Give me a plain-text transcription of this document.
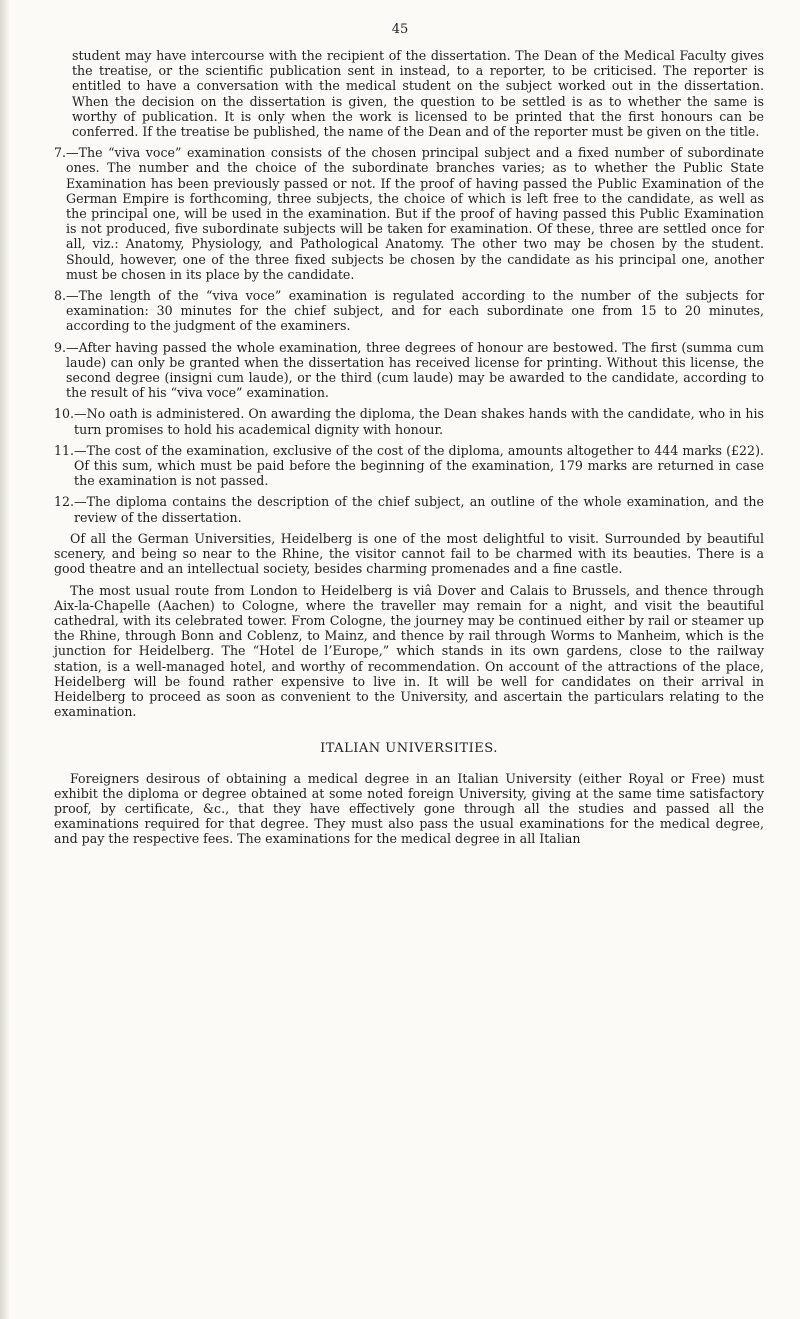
45

student may have intercourse with the recipient of the dissertation. The Dean of the Medical Faculty gives the treatise, or the scientific publication sent in instead, to a reporter, to be criticised. The reporter is entitled to have a conversation with the medical student on the subject worked out in the dissertation. When the decision on the dissertation is given, the question to be settled is as to whether the same is worthy of publication. It is only when the work is licensed to be printed that the first honours can be conferred. If the treatise be published, the name of the Dean and of the reporter must be given on the title.

7. —The “viva voce” examination consists of the chosen principal subject and a fixed number of subordinate ones. The number and the choice of the subordinate branches varies; as to whether the Public State Examination has been previously passed or not. If the proof of having passed the Public Examination of the German Empire is forthcoming, three subjects, the choice of which is left free to the candidate, as well as the principal one, will be used in the examination. But if the proof of having passed this Public Examination is not produced, five subordinate subjects will be taken for examination. Of these, three are settled once for all, viz.: Anatomy, Physiology, and Pathological Anatomy. The other two may be chosen by the student. Should, however, one of the three fixed subjects be chosen by the candidate as his principal one, another must be chosen in its place by the candidate.
8. —The length of the “viva voce” examination is regulated according to the number of the subjects for examination: 30 minutes for the chief subject, and for each subordinate one from 15 to 20 minutes, according to the judgment of the examiners.
9. —After having passed the whole examination, three degrees of honour are bestowed. The first (summa cum laude) can only be granted when the dissertation has received license for printing. Without this license, the second degree (insigni cum laude), or the third (cum laude) may be awarded to the candidate, according to the result of his “viva voce” examination.
10. —No oath is administered. On awarding the diploma, the Dean shakes hands with the candidate, who in his turn promises to hold his academical dignity with honour.
11. —The cost of the examination, exclusive of the cost of the diploma, amounts altogether to 444 marks (£22). Of this sum, which must be paid before the beginning of the examination, 179 marks are returned in case the examination is not passed.
12. —The diploma contains the description of the chief subject, an outline of the whole examination, and the review of the dissertation.

Of all the German Universities, Heidelberg is one of the most delightful to visit. Surrounded by beautiful scenery, and being so near to the Rhine, the visitor cannot fail to be charmed with its beauties. There is a good theatre and an intellectual society, besides charming promenades and a fine castle.

The most usual route from London to Heidelberg is viâ Dover and Calais to Brussels, and thence through Aix-la-Chapelle (Aachen) to Cologne, where the traveller may remain for a night, and visit the beautiful cathedral, with its celebrated tower. From Cologne, the journey may be continued either by rail or steamer up the Rhine, through Bonn and Coblenz, to Mainz, and thence by rail through Worms to Manheim, which is the junction for Heidelberg. The “Hotel de l’Europe,” which stands in its own gardens, close to the railway station, is a well-managed hotel, and worthy of recommendation. On account of the attractions of the place, Heidelberg will be found rather expensive to live in. It will be well for candidates on their arrival in Heidelberg to proceed as soon as convenient to the University, and ascertain the particulars relating to the examination.

ITALIAN UNIVERSITIES.

Foreigners desirous of obtaining a medical degree in an Italian University (either Royal or Free) must exhibit the diploma or degree obtained at some noted foreign University, giving at the same time satisfactory proof, by certificate, &c., that they have effectively gone through all the studies and passed all the examinations required for that degree. They must also pass the usual examinations for the medical degree, and pay the respective fees. The examinations for the medical degree in all Italian
